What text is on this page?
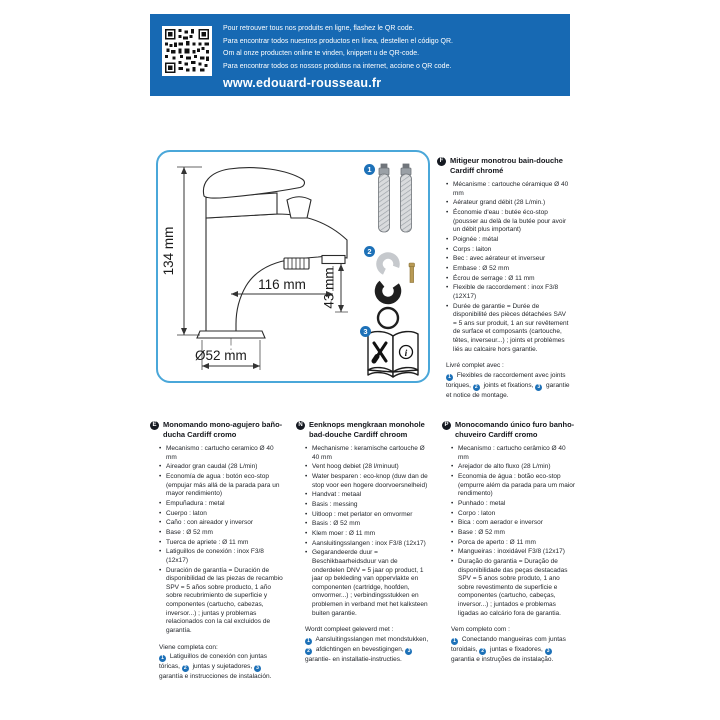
Pour retrouver tous nos produits en ligne, flashez le QR code.
Para encontrar todos nuestros productos en línea, destellen el código QR.
Om al onze producten online te vinden, knippert u de QR-code.
Para encontrar todos os nossos produtos na internet, accione o QR code.
www.edouard-rousseau.fr
134 mm
116 mm 43 mm
Ø52 mm
1
2
3
i
F Mitigeur monotrou bain-douche Cardiff chromé
• Mécanisme : cartouche céramique Ø 40 mm
• Aérateur grand débit (28 L/min.)
• Économie d'eau : butée éco-stop (pousser au delà de la butée pour avoir un débit plus important)
• Poignée : métal
• Corps : laiton
• Bec : avec aérateur et inverseur
• Embase : Ø 52 mm
• Écrou de serrage : Ø 11 mm
• Flexible de raccordement : inox F3/8 (12X17)
• Durée de garantie = Durée de disponibilité des pièces détachées SAV = 5 ans sur produit, 1 an sur revêtement de surface et composants (cartouche, têtes, inverseur...) ; joints et problèmes liés au calcaire hors garantie.

Livré complet avec :
1 Flexibles de raccordement avec joints toriques, 2 joints et fixations, 3 garantie et notice de montage.

E Monomando mono-agujero baño-ducha Cardiff cromo
• Mecanismo : cartucho ceramico Ø 40 mm
• Aireador gran caudal (28 L/min)
• Economía de agua : botón eco-stop (empujar más allá de la parada para un mayor rendimiento)
• Empuñadura : metal
• Cuerpo : laton
• Caño : con aireador y inversor
• Base : Ø 52 mm
• Tuerca de apriete : Ø 11 mm
• Latiguillos de conexión : inox F3/8 (12x17)
• Duración de garantía = Duración de disponibilidad de las piezas de recambio SPV = 5 años sobre producto, 1 año sobre recubrimiento de superficie y componentes (cartucho, cabezas, inversor...) ; juntas y problemas relacionados con la cal excluidos de garantía.

Viene completa con:
1 Latiguillos de conexión con juntas tóricas, 2 juntas y sujetadores, 3 garantía e instrucciones de instalación.

N Eenknops mengkraan monohole bad-douche Cardiff chroom
• Mechanisme : keramische cartouche Ø 40 mm
• Vent hoog debiet (28 l/minuut)
• Water besparen : eco-knop (duw dan de stop voor een hogere doorvoersnelheid)
• Handvat : metaal
• Basis : messing
• Uitloop : met perlator en omvormer
• Basis : Ø 52 mm
• Klem moer : Ø 11 mm
• Aansluitingsslangen : inox F3/8 (12x17)
• Gegarandeerde duur = Beschikbaarheidsduur van de onderdelen DNV = 5 jaar op product, 1 jaar op bekleding van oppervlakte en componenten (cartridge, hoofden, omvormer...) ; verbindingsstukken en problemen in verband met het kalksteen buiten garantie.

Wordt compleet geleverd met :
1 Aansluitingsslangen met mondstukken, 2 afdichtingen en bevestigingen, 3 garantie- en installatie-instructies.

P Monocomando único furo banho-chuveiro Cardiff cromo
• Mecanismo : cartucho cerâmico Ø 40 mm
• Arejador de alto fluxo (28 L/min)
• Economia de água : botão eco-stop (empurre além da parada para um maior rendimento)
• Punhado : metal
• Corpo : laton
• Bica : com aerador e inversor
• Base : Ø 52 mm
• Porca de aperto : Ø 11 mm
• Mangueiras : inoxidável F3/8 (12x17)
• Duração do garantia = Duração de disponibilidade das peças destacadas SPV = 5 anos sobre produto, 1 ano sobre revestimento de superficie e componentes (cartucho, cabeças, inversor...) ; juntados e problemas ligadas ao calcário fora de garantia.

Vem completo com :
1 Conectando mangueiras com juntas toroidais, 2 juntas e fixadores, 3 garantia e instruções de instalação.
